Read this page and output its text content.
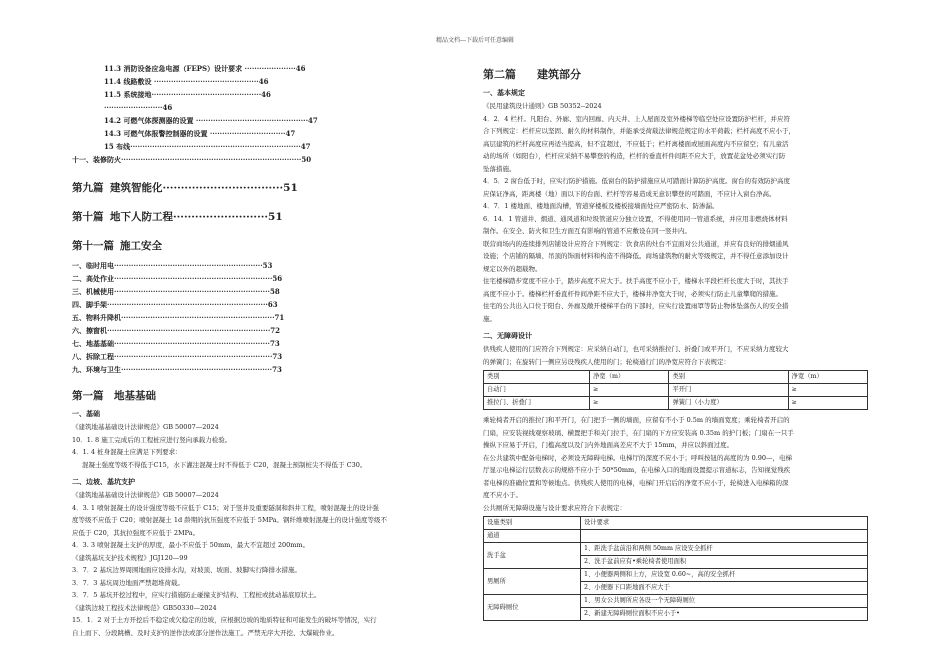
精品文档---下载后可任意编辑
11.3 消防设备应急电源（FEPS）设计要求 ·····················46
11.4 线路敷设 ···········································46
11.5 系统接地·············································46
························46
14.2 可燃气体探测器的设置 ··············································47
14.3 可燃气体报警控制器的设置 ·······························47
15 布线······································································47
十一、装修防火··········································································50
第九篇 建筑智能化·································51
第十篇 地下人防工程··························51
第十一篇 施工安全
一、临时用电·····························································53
二、高处作业·································································56
三、机械使用································································58
四、脚手架··································································63
五、物料升降机·······························································71
六、擦窗机···································································72
七、地基基础································································73
八、拆除工程·································································73
九、环境与卫生······························································73
第一篇 地基基础
一、基础

《建筑地基基础设计法律规范》GB 50007—2024

10．1. 8 施工完成后的工程桩应进行竖向承载力检验。

4．1. 4 桩身混凝土应满足下列要求：

混凝土强度等级不得低于C15，水下灌注混凝土时不得低于 C20，混凝土预制桩尖不得低于 C30。

二、边坡、基坑支护

《建筑地基基础设计法律规范》GB 50007—2024

4．3. 1 喷射混凝土的设计强度等级不应低于 C15；对于竖井及重要隧洞和斜井工程，喷射混凝土的设计强

度等级不应低于 C20；喷射混凝土 1d 龄期的抗压强度不应低于 5MPa。钢纤维喷射混凝土的设计强度等级不

应低于 C20，其抗拉强度不应低于 2MPa。

4．3. 3 喷射混凝土支护的厚度，最小不应低于 50mm，最大不宜超过 200mm。

《建筑基坑支护技术规程》JGJ120—99

3．7．2 基坑边界周围地面应设排水沟，对坡顶、坡面、坡脚实行降排水措施。

3．7．3 基坑周边地面严禁超堆荷载。

3．7．5 基坑开挖过程中，应实行措施防止碰撞支护结构、工程桩或扰动基底原状土。

《建筑边坡工程技术法律规范》GB50330—2024

15．1．2 对于土方开挖后不稳定或欠稳定的边坡，应根据边坡的地质特征和可能发生的破坏等情况，实行

自上而下、分段跳槽、及时支护的逆作法或部分逆作法施工。严禁无序大开挖、大爆破作业。

第二篇 建筑部分
一、基本规定

《民用建筑设计通则》GB 50352--2024

4．2．4 栏杆。凡阳台、外廊、室内回廊、内天井、上人屋面及室外楼梯等临空处应设置防护栏杆，并应符

合下列规定：栏杆应以坚固、耐久的材料制作，并能承受荷载法律规范规定的水平荷载；栏杆高度不应小于，

高层建筑的栏杆高度应再适当提高，但不宜超过，不应低于；栏杆离楼面或屋面高度内不应留空；有儿童活

动的场所（如阳台），栏杆应采纳不易攀登的构造，栏杆的垂直杆件间距不应大于，放置花盆处必须实行防

坠落措施。

4．5．2 窗台低于时，应实行防护措施。低窗台的防护措施应从可踏面计算防护高度。窗台的有效防护高度

应保证净高，距离楼（地）面以下的台面、栏杆等容易造成无意识攀登的可踏面，不应计入窗台净高。

4．7．1 楼地面、楼地面沟槽，管道穿楼板及楼板接墙面处应严密防水、防渗漏。

6．14．1 管道井、烟道、通风道和垃圾管道应分独立设置，不得使用同一管道系统，并应用非燃烧体材料

制作。在安全、防火和卫生方面互有影响的管道不应敷设在同一竖井内。

联营商场内的连续排列店铺设计应符合下列规定：饮食店的灶台不宜面对公共通道，并应有良好的排烟通风

设施；个店铺的隔墙、吊顶的饰面材料和构造不得降低。商场建筑物的耐火等级规定，并不得任意添加设计

规定以外的超载物。

住宅楼梯踏步宽度不应小于，踏步高度不应大于。扶手高度不应小于，楼梯水平段栏杆长度大于时，其扶手

高度不应小于。楼梯栏杆垂直杆件间净距不应大于，楼梯井净宽大于时，必须实行防止儿童攀爬的措施。

住宅的公共出入口位于阳台、外廊及敞开楼梯平台的下部时，应实行设置雨罩等防止物体坠落伤人的安全措

施。

二、无障碍设计

供残疾人使用的门应符合下列规定：应采纳自动门，也可采纳推拉门、折叠门或平开门，不应采纳力度较大

的弹簧门；在旋转门一侧应另设残疾人使用的门；轮椅通行门的净宽应符合下表规定：

类别	净宽（m）	类别	净宽（m）
自动门	≥	平开门	≥
推拉门、折叠门	≥	弹簧门（小力度）	≥

乘轮椅者开启的推拉门和平开门，在门把手一侧的墙面，应留有不小于 0.5m 的墙面宽度；乘轮椅者开启的

门扇，应安装视线观察玻璃、横置把手和关门拉手，在门扇的下方应安装高 0.35m 的护门板；门扇在一只手

操纵下应易于开启，门槛高度以及门内外地面高差应不大于 15mm，并应以斜面过度。

在公共建筑中配备电梯时，必须设无障碍电梯。电梯厅的深度不应小于；呼叫按钮的高度的为 0.90—，电梯

厅显示电梯运行层数表示的规格不应小于 50*50mm，在电梯入口的地面设置提示盲道标志，告知视觉残疾

者电梯的准确位置和等候地点。供残疾人使用的电梯，电梯门开启后的净宽不应小于，轮椅进入电梯箱的深

度不应小于。

公共厕所无障碍设施与设计要求应符合下表规定：

设施类别	设计要求
通道	
洗手盆	1、距洗手盆前沿和两侧 50mm 应设安全抓杆
	2、洗手盆前应有•乘轮椅者使用面积
男厕所	1、小便器两侧和上方，应设宽 0.60~，高的安全抓杆
	2、小便器下口距地面不应大于
无障碍厕位	1、男女公共厕所应各设一个无障碍厕位
	2、新建无障碍厕位面积不应小于•
